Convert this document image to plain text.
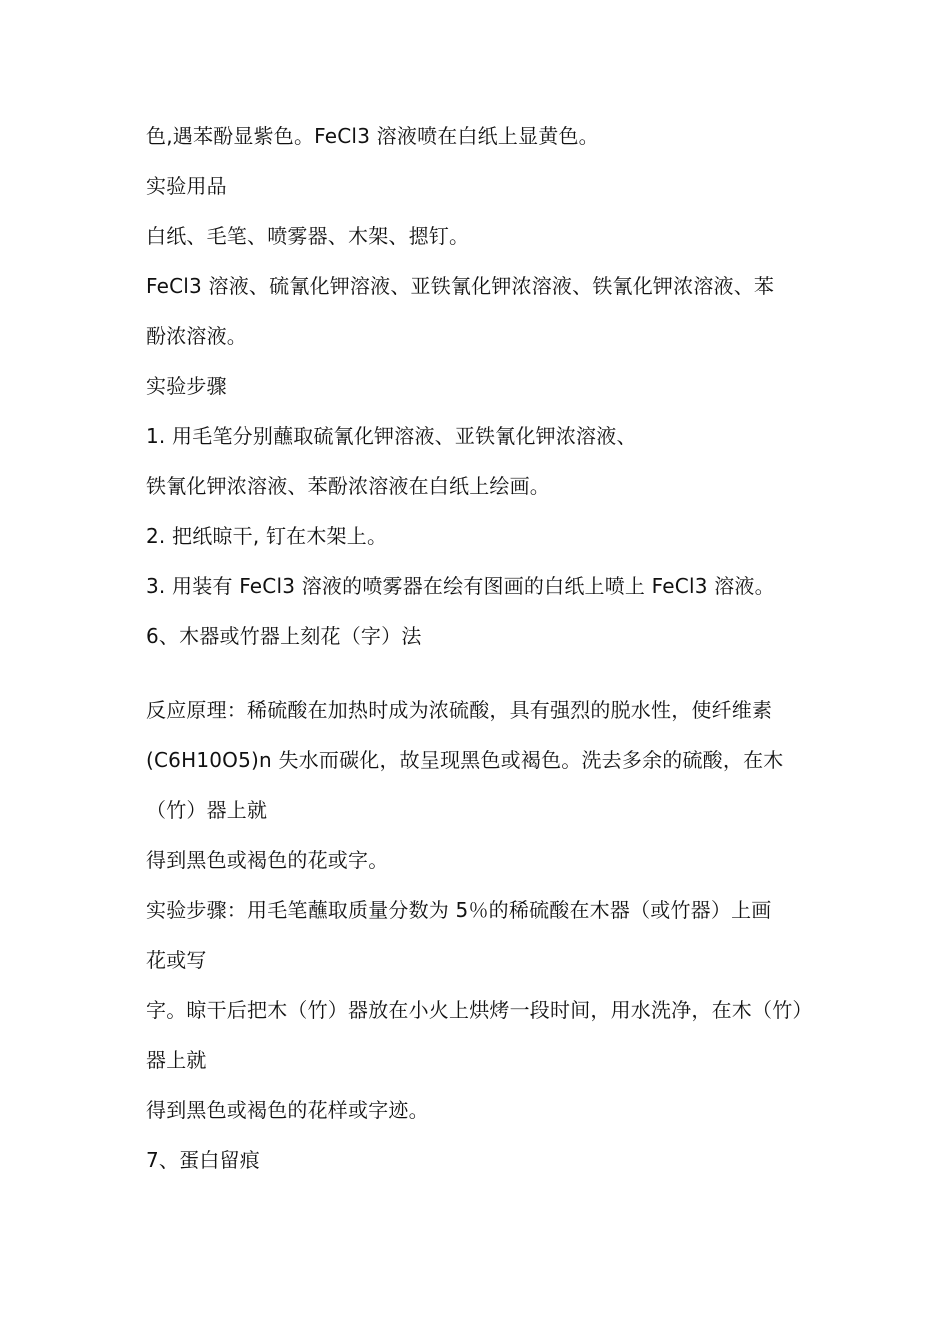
色,遇苯酚显紫色。FeCl3 溶液喷在白纸上显黄色。
实验用品
白纸、毛笔、喷雾器、木架、摁钉。
FeCl3 溶液、硫氰化钾溶液、亚铁氰化钾浓溶液、铁氰化钾浓溶液、苯
酚浓溶液。
实验步骤
1. 用毛笔分别蘸取硫氰化钾溶液、亚铁氰化钾浓溶液、
铁氰化钾浓溶液、苯酚浓溶液在白纸上绘画。
2. 把纸晾干, 钉在木架上。
3. 用装有 FeCl3 溶液的喷雾器在绘有图画的白纸上喷上 FeCl3 溶液。
6、木器或竹器上刻花（字）法
反应原理：稀硫酸在加热时成为浓硫酸，具有强烈的脱水性，使纤维素
(C6H10O5)n 失水而碳化，故呈现黑色或褐色。洗去多余的硫酸，在木
（竹）器上就
得到黑色或褐色的花或字。
实验步骤：用毛笔蘸取质量分数为 5％的稀硫酸在木器（或竹器）上画
花或写
字。晾干后把木（竹）器放在小火上烘烤一段时间，用水洗净，在木（竹）
器上就
得到黑色或褐色的花样或字迹。
7、蛋白留痕
